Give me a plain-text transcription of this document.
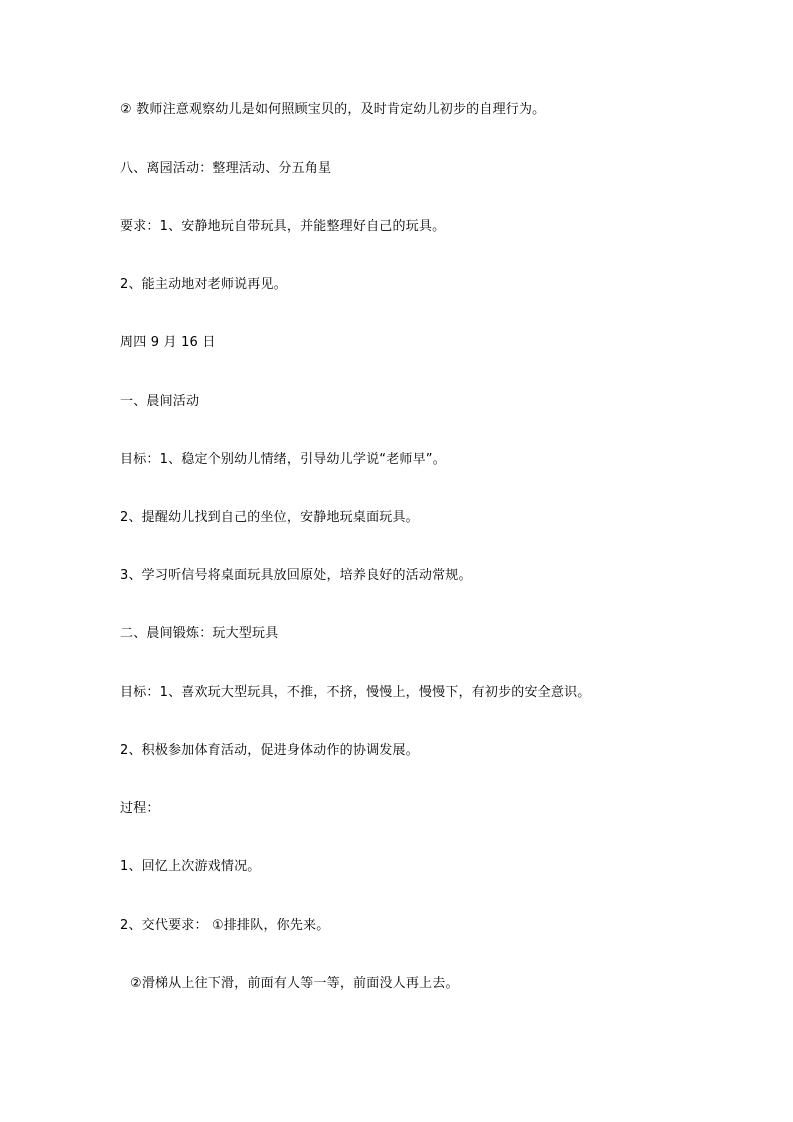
② 教师注意观察幼儿是如何照顾宝贝的，及时肯定幼儿初步的自理行为。
八、离园活动：整理活动、分五角星
要求：1、安静地玩自带玩具，并能整理好自己的玩具。
2、能主动地对老师说再见。
周四 9 月 16 日
一、晨间活动
目标：1、稳定个别幼儿情绪，引导幼儿学说“老师早”。
2、提醒幼儿找到自己的坐位，安静地玩桌面玩具。
3、学习听信号将桌面玩具放回原处，培养良好的活动常规。
二、晨间锻炼：玩大型玩具
目标：1、喜欢玩大型玩具，不推，不挤，慢慢上，慢慢下，有初步的安全意识。
2、积极参加体育活动，促进身体动作的协调发展。
过程：
1、回忆上次游戏情况。
2、交代要求： ①排排队，你先来。
②滑梯从上往下滑，前面有人等一等，前面没人再上去。
